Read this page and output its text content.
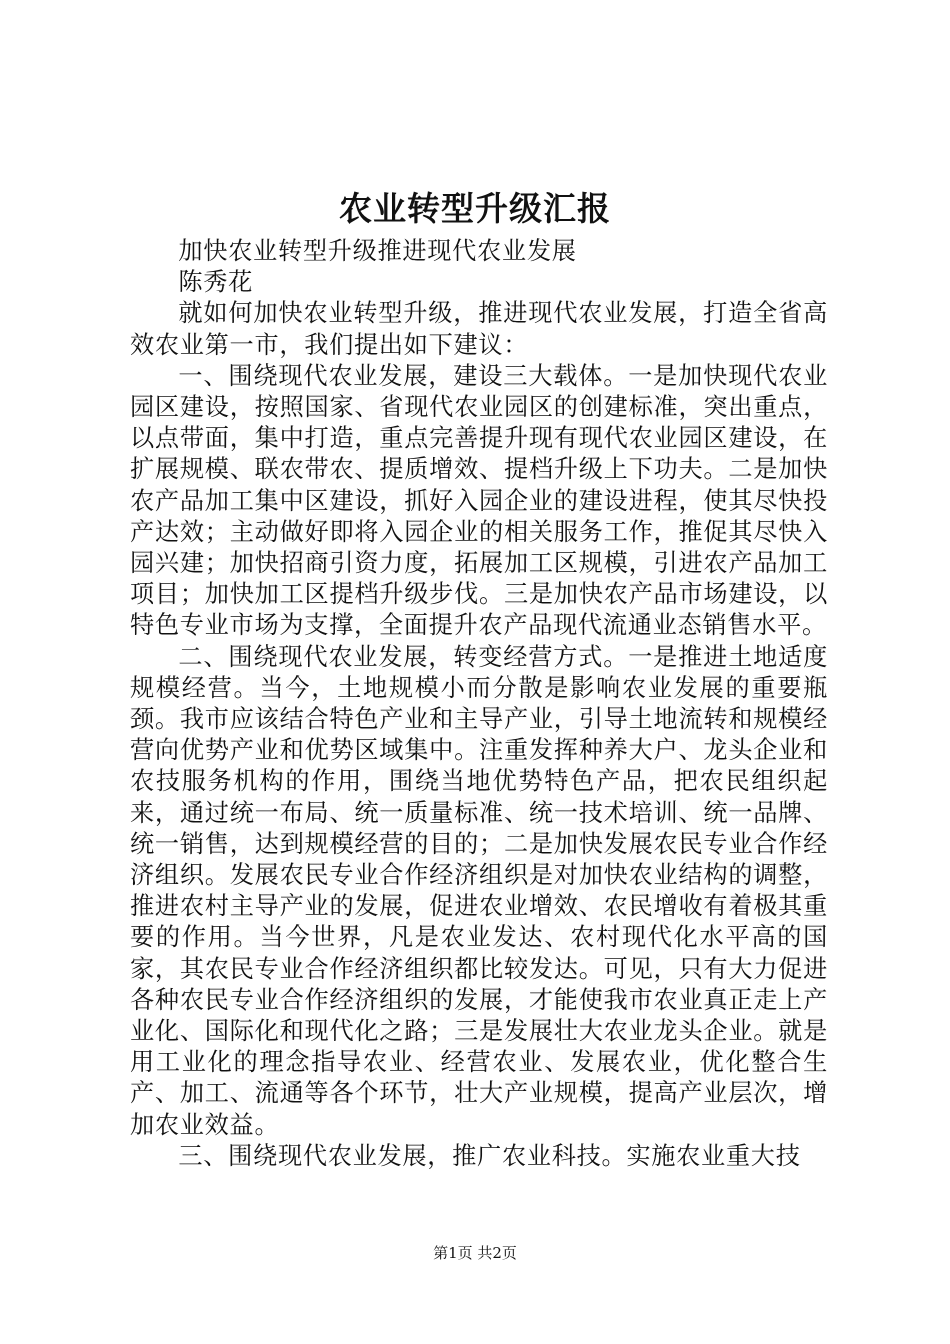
农业转型升级汇报

加快农业转型升级推进现代农业发展

陈秀花

就如何加快农业转型升级，推进现代农业发展，打造全省高效农业第一市，我们提出如下建议：

一、围绕现代农业发展，建设三大载体。一是加快现代农业园区建设，按照国家、省现代农业园区的创建标准，突出重点，以点带面，集中打造，重点完善提升现有现代农业园区建设，在扩展规模、联农带农、提质增效、提档升级上下功夫。二是加快农产品加工集中区建设，抓好入园企业的建设进程，使其尽快投产达效；主动做好即将入园企业的相关服务工作，推促其尽快入园兴建；加快招商引资力度，拓展加工区规模，引进农产品加工项目；加快加工区提档升级步伐。三是加快农产品市场建设，以特色专业市场为支撑，全面提升农产品现代流通业态销售水平。

二、围绕现代农业发展，转变经营方式。一是推进土地适度规模经营。当今，土地规模小而分散是影响农业发展的重要瓶颈。我市应该结合特色产业和主导产业，引导土地流转和规模经营向优势产业和优势区域集中。注重发挥种养大户、龙头企业和农技服务机构的作用，围绕当地优势特色产品，把农民组织起来，通过统一布局、统一质量标准、统一技术培训、统一品牌、统一销售，达到规模经营的目的；二是加快发展农民专业合作经济组织。发展农民专业合作经济组织是对加快农业结构的调整，推进农村主导产业的发展，促进农业增效、农民增收有着极其重要的作用。当今世界，凡是农业发达、农村现代化水平高的国家，其农民专业合作经济组织都比较发达。可见，只有大力促进各种农民专业合作经济组织的发展，才能使我市农业真正走上产业化、国际化和现代化之路；三是发展壮大农业龙头企业。就是用工业化的理念指导农业、经营农业、发展农业，优化整合生产、加工、流通等各个环节，壮大产业规模，提高产业层次，增加农业效益。

三、围绕现代农业发展，推广农业科技。实施农业重大技

第1页 共2页
